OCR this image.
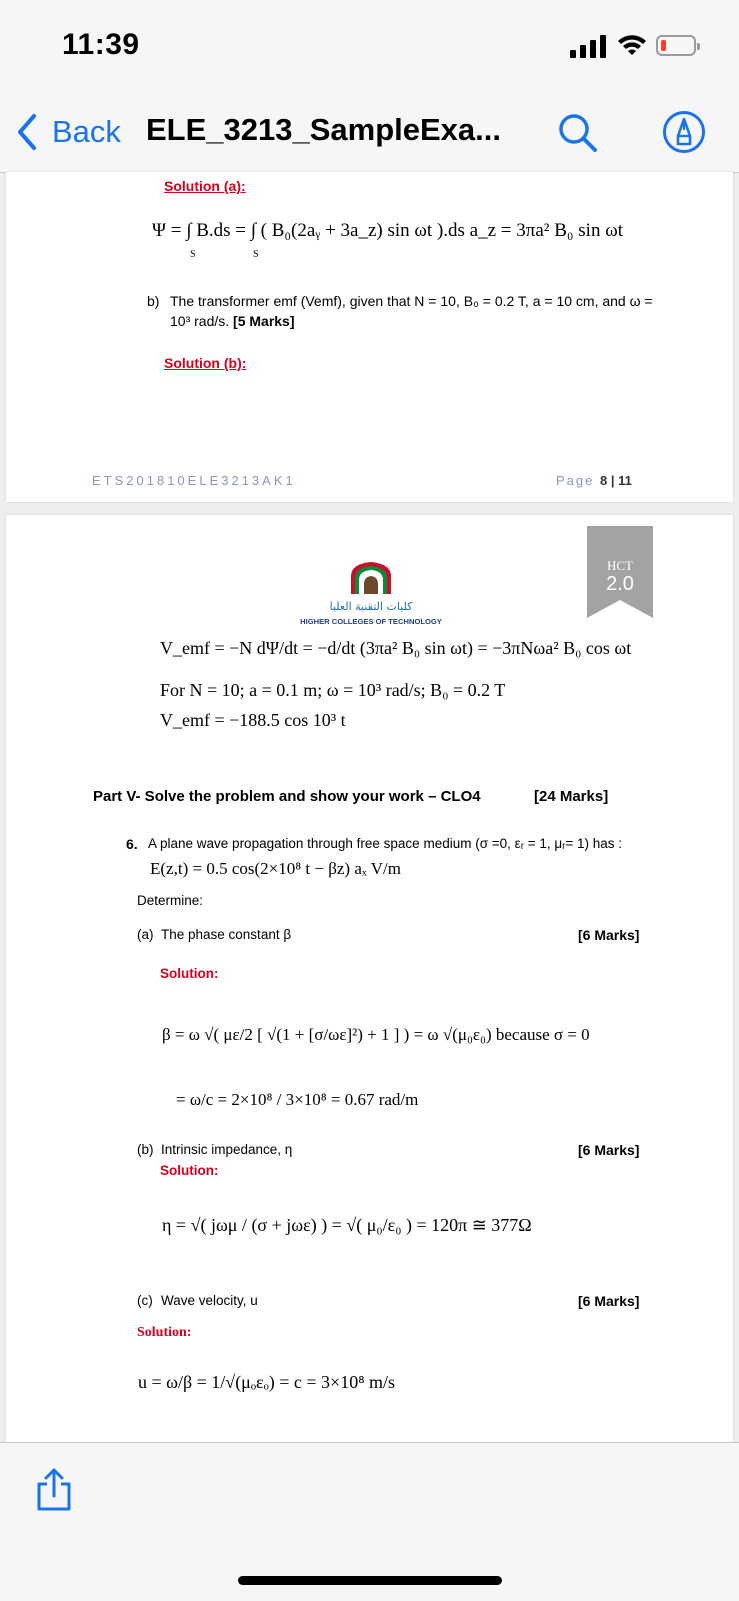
11:39
Back ELE_3213_SampleExa...
Solution (a):
Ψ = ∫ B.ds = ∫ ( B₀(2aᵧ + 3a_z) sin ωt ).ds a_z = 3πa² B₀ sin ωt
S	S
b) The transformer emf (Vemf), given that N = 10, B₀ = 0.2 T, a = 10 cm, and ω =
10³ rad/s. [5 Marks]
Solution (b):
ETS201810ELE3213AK1	Page 8 | 11
HCT
2.0
كليات التقنية العليا
HIGHER COLLEGES OF TECHNOLOGY
V_emf = −N dΨ/dt = −d/dt (3πa² B₀ sin ωt) = −3πNωa² B₀ cos ωt
For N = 10; a = 0.1 m; ω = 10³ rad/s; B₀ = 0.2 T
V_emf = −188.5 cos 10³ t
Part V- Solve the problem and show your work – CLO4	[24 Marks]
6. A plane wave propagation through free space medium (σ =0, εᵣ = 1, μᵣ= 1) has :
E(z,t) = 0.5 cos(2×10⁸ t − βz) aₓ V/m
Determine:
(a) The phase constant β	[6 Marks]
Solution:
β = ω √( με/2 [ √(1 + [σ/ωε]²) + 1 ] ) = ω √(μ₀ε₀) because σ = 0
= ω/c = 2×10⁸ / 3×10⁸ = 0.67 rad/m
(b) Intrinsic impedance, η	[6 Marks]
Solution:
η = √( jωμ / (σ + jωε) ) = √( μ₀/ε₀ ) = 120π ≅ 377Ω
(c) Wave velocity, u	[6 Marks]
Solution:
u = ω/β = 1/√(μₒεₒ) = c = 3×10⁸ m/s
